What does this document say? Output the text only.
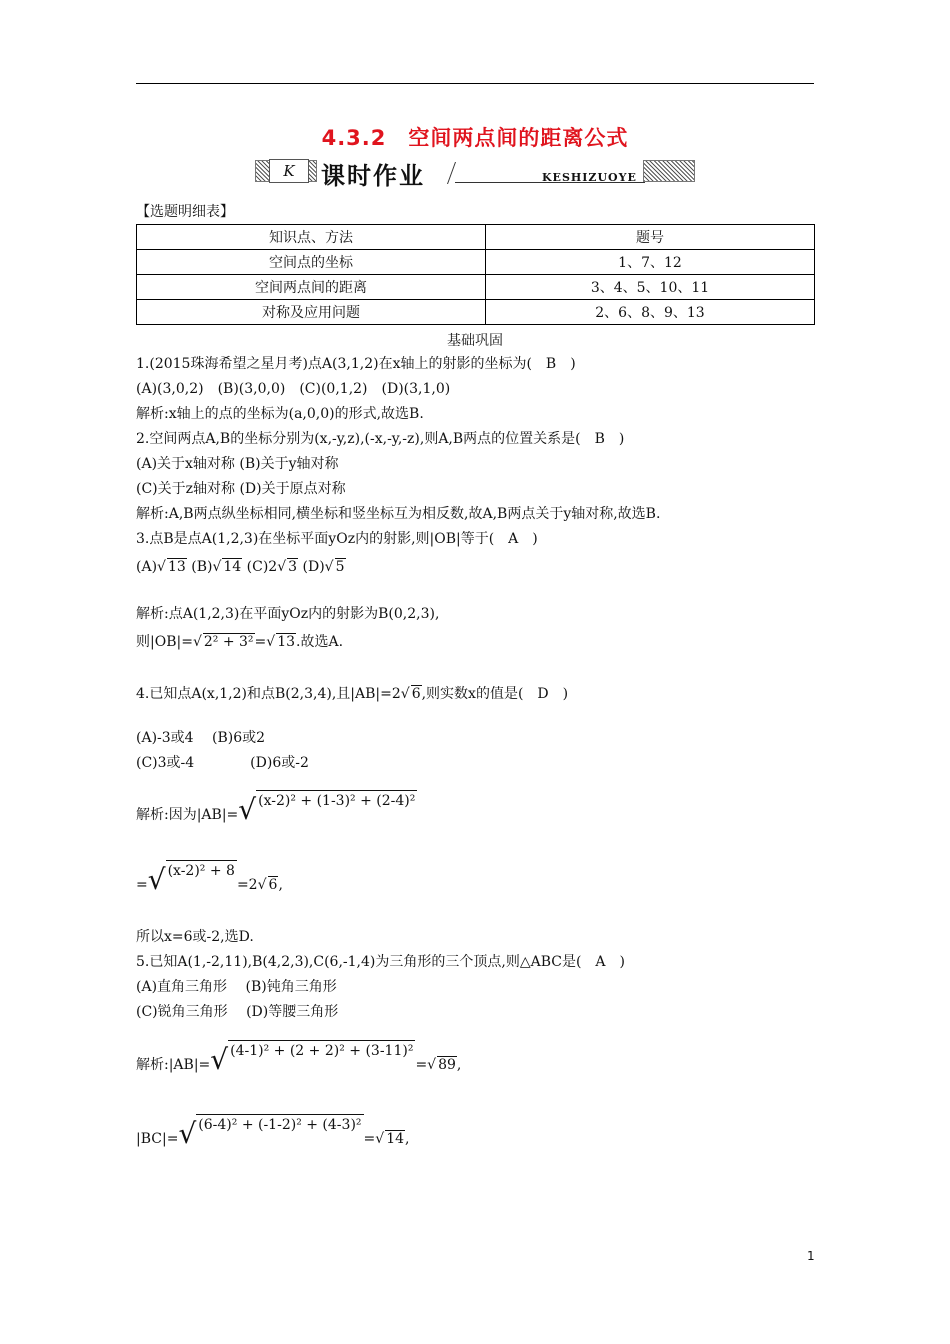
4.3.2　空间两点间的距离公式
K	课时作业	KESHIZUOYE
【选题明细表】
知识点、方法	题号
空间点的坐标	1、7、12
空间两点间的距离	3、4、5、10、11
对称及应用问题	2、6、8、9、13
基础巩固
1.(2015珠海希望之星月考)点A(3,1,2)在x轴上的射影的坐标为(　B　)
(A)(3,0,2)　(B)(3,0,0)　(C)(0,1,2)　(D)(3,1,0)
解析:x轴上的点的坐标为(a,0,0)的形式,故选B.
2.空间两点A,B的坐标分别为(x,-y,z),(-x,-y,-z),则A,B两点的位置关系是(　B　)
(A)关于x轴对称 (B)关于y轴对称
(C)关于z轴对称 (D)关于原点对称
解析:A,B两点纵坐标相同,横坐标和竖坐标互为相反数,故A,B两点关于y轴对称,故选B.
3.点B是点A(1,2,3)在坐标平面yOz内的射影,则|OB|等于(　A　)
(A) √ 13 (B) √ 14 (C)2 √ 3 (D) √ 5
解析:点A(1,2,3)在平面yOz内的射影为B(0,2,3),
则|OB|= √ 2² + 3²= √ 13.故选A.
4.已知点A(x,1,2)和点B(2,3,4),且|AB|=2 √ 6,则实数x的值是(　D　)
(A)-3或4　 (B)6或2
(C)3或-4　　　　(D)6或-2
解析:因为|AB|=√ (x-2)² + (1-3)² + (2-4)²
=√ (x-2)² + 8=2 √ 6,
所以x=6或-2,选D.
5.已知A(1,-2,11),B(4,2,3),C(6,-1,4)为三角形的三个顶点,则△ABC是(　A　)
(A)直角三角形　 (B)钝角三角形
(C)锐角三角形　 (D)等腰三角形
解析:|AB|=√ (4-1)² + (2 + 2)² + (3-11)²= √ 89,
|BC|=√ (6-4)² + (-1-2)² + (4-3)²= √ 14,
1
